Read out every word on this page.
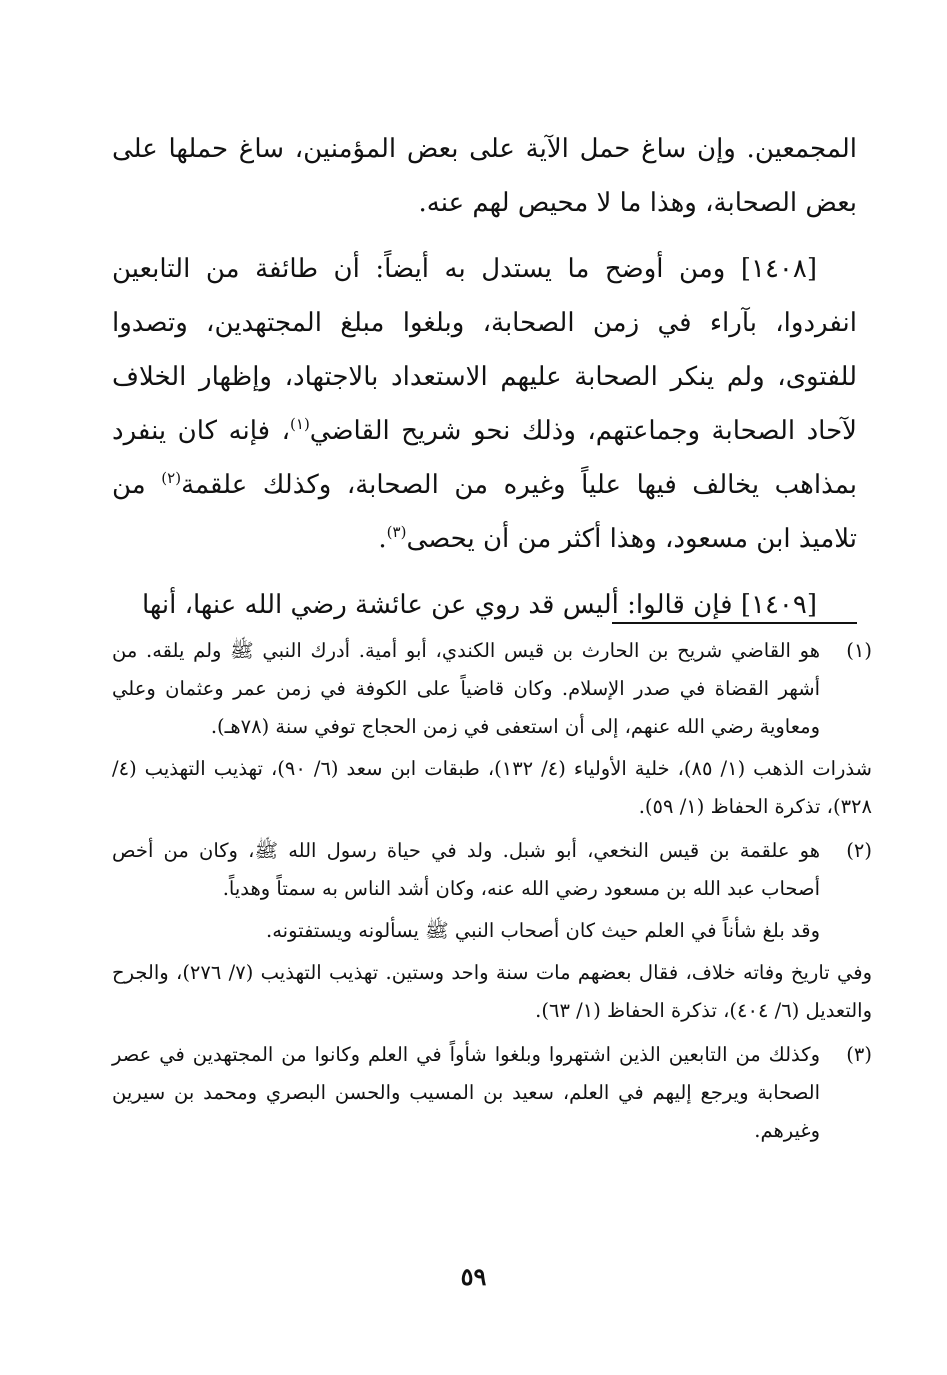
المجمعين. وإن ساغ حمل الآية على بعض المؤمنين، ساغ حملها على بعض الصحابة، وهذا ما لا محيص لهم عنه.

[١٤٠٨] ومن أوضح ما يستدل به أيضاً: أن طائفة من التابعين انفردوا، بآراء في زمن الصحابة، وبلغوا مبلغ المجتهدين، وتصدوا للفتوى، ولم ينكر الصحابة عليهم الاستعداد بالاجتهاد، وإظهار الخلاف لآحاد الصحابة وجماعتهم، وذلك نحو شريح القاضي$^{(١)}$، فإنه كان ينفرد بمذاهب يخالف فيها علياً وغيره من الصحابة، وكذلك علقمة$^{(٢)}$ من تلاميذ ابن مسعود، وهذا أكثر من أن يحصى$^{(٣)}$.

[١٤٠٩] فإن قالوا: أليس قد روي عن عائشة رضي الله عنها، أنها

(١)

هو القاضي شريح بن الحارث بن قيس الكندي، أبو أمية. أدرك النبي ﷺ ولم يلقه. من أشهر القضاة في صدر الإسلام. وكان قاضياً على الكوفة في زمن عمر وعثمان وعلي ومعاوية رضي الله عنهم، إلى أن استعفى في زمن الحجاج توفي سنة (٧٨هـ).

شذرات الذهب (١/ ٨٥)، خلية الأولياء (٤/ ١٣٢)، طبقات ابن سعد (٦/ ٩٠)، تهذيب التهذيب (٤/ ٣٢٨)، تذكرة الحفاظ (١/ ٥٩).

(٢)

هو علقمة بن قيس النخعي، أبو شبل. ولد في حياة رسول الله ﷺ، وكان من أخص أصحاب عبد الله بن مسعود رضي الله عنه، وكان أشد الناس به سمتاً وهدياً.

وقد بلغ شأناً في العلم حيث كان أصحاب النبي ﷺ يسألونه ويستفتونه.

وفي تاريخ وفاته خلاف، فقال بعضهم مات سنة واحد وستين. تهذيب التهذيب (٧/ ٢٧٦)، والجرح والتعديل (٦/ ٤٠٤)، تذكرة الحفاظ (١/ ٦٣).

(٣)

وكذلك من التابعين الذين اشتهروا وبلغوا شأواً في العلم وكانوا من المجتهدين في عصر الصحابة ويرجع إليهم في العلم، سعيد بن المسيب والحسن البصري ومحمد بن سيرين وغيرهم.

٥٩
